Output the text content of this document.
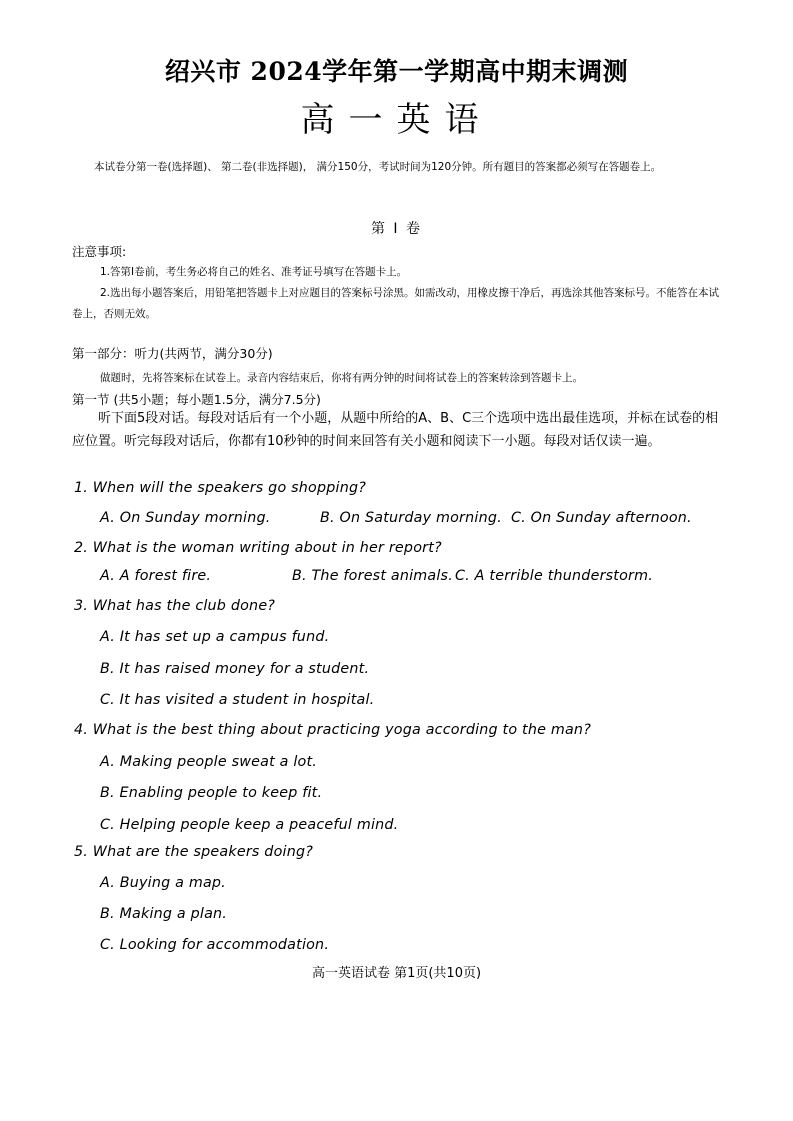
绍兴市 2024学年第一学期高中期末调测
高一英语
本试卷分第一卷(选择题)、 第二卷(非选择题)， 满分150分，考试时间为120分钟。所有题目的答案都必须写在答题卷上。
第 Ⅰ 卷
注意事项:
1.答第Ⅰ卷前，考生务必将自己的姓名、准考证号填写在答题卡上。
2.选出每小题答案后，用铅笔把答题卡上对应题目的答案标号涂黑。如需改动，用橡皮擦干净后，再选涂其他答案标号。不能答在本试卷上，否则无效。
第一部分：听力(共两节，满分30分)
做题时，先将答案标在试卷上。录音内容结束后，你将有两分钟的时间将试卷上的答案转涂到答题卡上。
第一节 (共5小题；每小题1.5分，满分7.5分)
听下面5段对话。每段对话后有一个小题，从题中所给的A、B、C三个选项中选出最佳选项，并标在试卷的相应位置。听完每段对话后，你都有10秒钟的时间来回答有关小题和阅读下一小题。每段对话仅读一遍。
1. When will the speakers go shopping?
A. On Sunday morning.	B. On Saturday morning. C. On Sunday afternoon.
2. What is the woman writing about in her report?
A. A forest fire.	B. The forest animals. C. A terrible thunderstorm.
3. What has the club done?
A. It has set up a campus fund.
B. It has raised money for a student.
C. It has visited a student in hospital.
4. What is the best thing about practicing yoga according to the man?
A. Making people sweat a lot.
B. Enabling people to keep fit.
C. Helping people keep a peaceful mind.
5. What are the speakers doing?
A. Buying a map.
B. Making a plan.
C. Looking for accommodation.
高一英语试卷 第1页(共10页)
